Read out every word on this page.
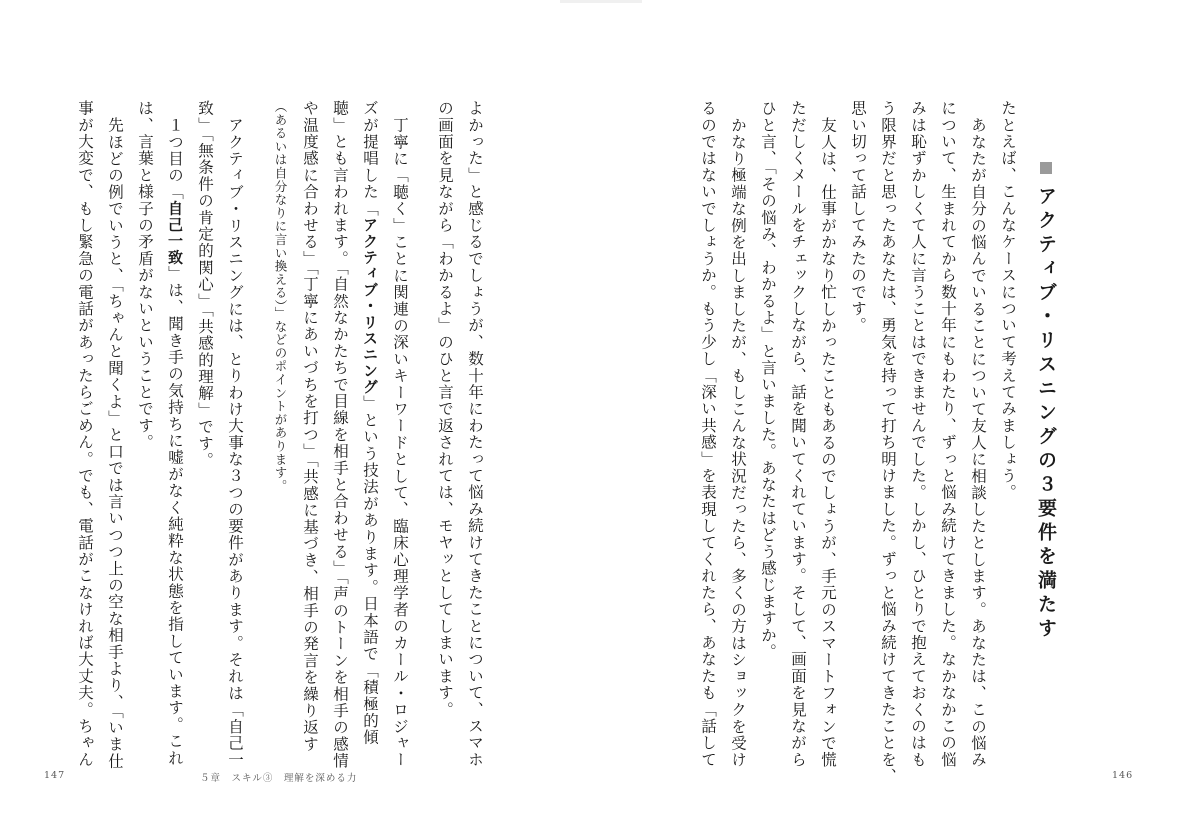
アクティブ・リスニングの３要件を満たす
たとえば、こんなケースについて考えてみましょう。
あなたが自分の悩んでいることについて友人に相談したとします。あなたは、この悩み
について、生まれてから数十年にもわたり、ずっと悩み続けてきました。なかなかこの悩
みは恥ずかしくて人に言うことはできませんでした。しかし、ひとりで抱えておくのはも
う限界だと思ったあなたは、勇気を持って打ち明けました。ずっと悩み続けてきたことを、
思い切って話してみたのです。
友人は、仕事がかなり忙しかったこともあるのでしょうが、手元のスマートフォンで慌
ただしくメールをチェックしながら、話を聞いてくれています。そして、画面を見ながら
ひと言、「その悩み、わかるよ」と言いました。あなたはどう感じますか。
かなり極端な例を出しましたが、もしこんな状況だったら、多くの方はショックを受け
るのではないでしょうか。もう少し「深い共感」を表現してくれたら、あなたも「話して
よかった」と感じるでしょうが、数十年にわたって悩み続けてきたことについて、スマホ
の画面を見ながら「わかるよ」のひと言で返されては、モヤッとしてしまいます。
丁寧に「聴く」ことに関連の深いキーワードとして、臨床心理学者のカール・ロジャー
ズが提唱した「アクティブ・リスニング」という技法があります。日本語で「積極的傾
聴」とも言われます。「自然なかたちで目線を相手と合わせる」「声のトーンを相手の感情
や温度感に合わせる」「丁寧にあいづちを打つ」「共感に基づき、相手の発言を繰り返す
（あるいは自分なりに言い換える）」などのポイントがあります。
アクティブ・リスニングには、とりわけ大事な３つの要件があります。それは「自己一
致」「無条件の肯定的関心」「共感的理解」です。
１つ目の「自己一致」は、聞き手の気持ちに嘘がなく純粋な状態を指しています。これ
は、言葉と様子の矛盾がないということです。
先ほどの例でいうと、「ちゃんと聞くよ」と口では言いつつ上の空な相手より、「いま仕
事が大変で、もし緊急の電話があったらごめん。でも、電話がこなければ大丈夫。ちゃん
147	５章　スキル③　理解を深める力	146
